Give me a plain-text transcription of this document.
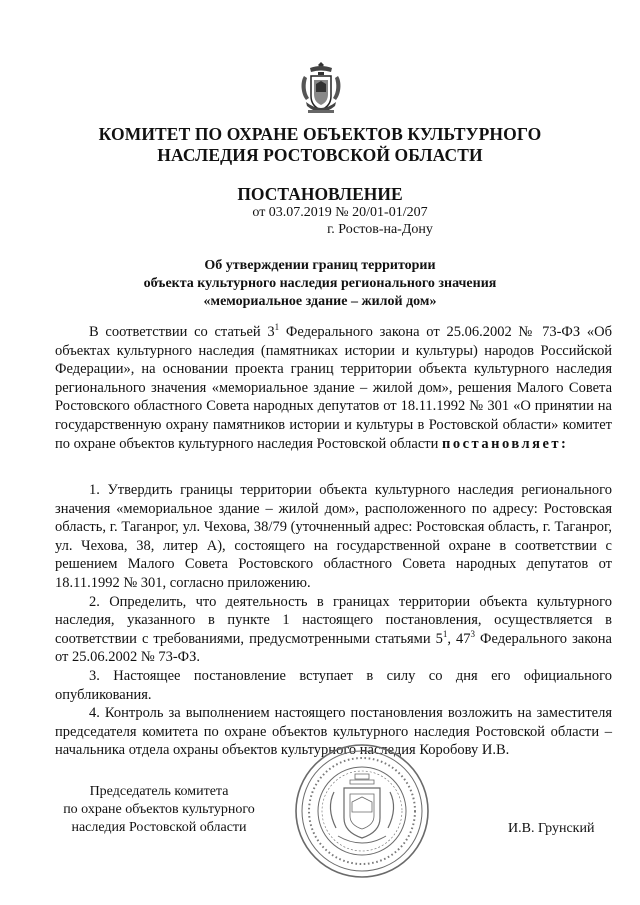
КОМИТЕТ ПО ОХРАНЕ ОБЪЕКТОВ КУЛЬТУРНОГО
НАСЛЕДИЯ РОСТОВСКОЙ ОБЛАСТИ
ПОСТАНОВЛЕНИЕ
от 03.07.2019 № 20/01-01/207
г. Ростов-на-Дону
Об утверждении границ территории
объекта культурного наследия регионального значения
«мемориальное здание – жилой дом»

В соответствии со статьей $3^1$ Федерального закона от 25.06.2002 № 73-ФЗ «Об объектах культурного наследия (памятниках истории и культуры) народов Российской Федерации», на основании проекта границ территории объекта культурного наследия регионального значения «мемориальное здание – жилой дом», решения Малого Совета Ростовского областного Совета народных депутатов от 18.11.1992 № 301 «О принятии на государственную охрану памятников истории и культуры в Ростовской области» комитет по охране объектов культурного наследия Ростовской области постановляет:

1. Утвердить границы территории объекта культурного наследия регионального значения «мемориальное здание – жилой дом», расположенного по адресу: Ростовская область, г. Таганрог, ул. Чехова, 38/79 (уточненный адрес: Ростовская область, г. Таганрог, ул. Чехова, 38, литер А), состоящего на государственной охране в соответствии с решением Малого Совета Ростовского областного Совета народных депутатов от 18.11.1992 № 301, согласно приложению.

2. Определить, что деятельность в границах территории объекта культурного наследия, указанного в пункте 1 настоящего постановления, осуществляется в соответствии с требованиями, предусмотренными статьями $5^1$, $47^3$ Федерального закона от 25.06.2002 № 73-ФЗ.

3. Настоящее постановление вступает в силу со дня его официального опубликования.

4. Контроль за выполнением настоящего постановления возложить на заместителя председателя комитета по охране объектов культурного наследия Ростовской области – начальника отдела охраны объектов культурного наследия Коробову И.В.

Председатель комитета
по охране объектов культурного
наследия Ростовской области	И.В. Грунский
